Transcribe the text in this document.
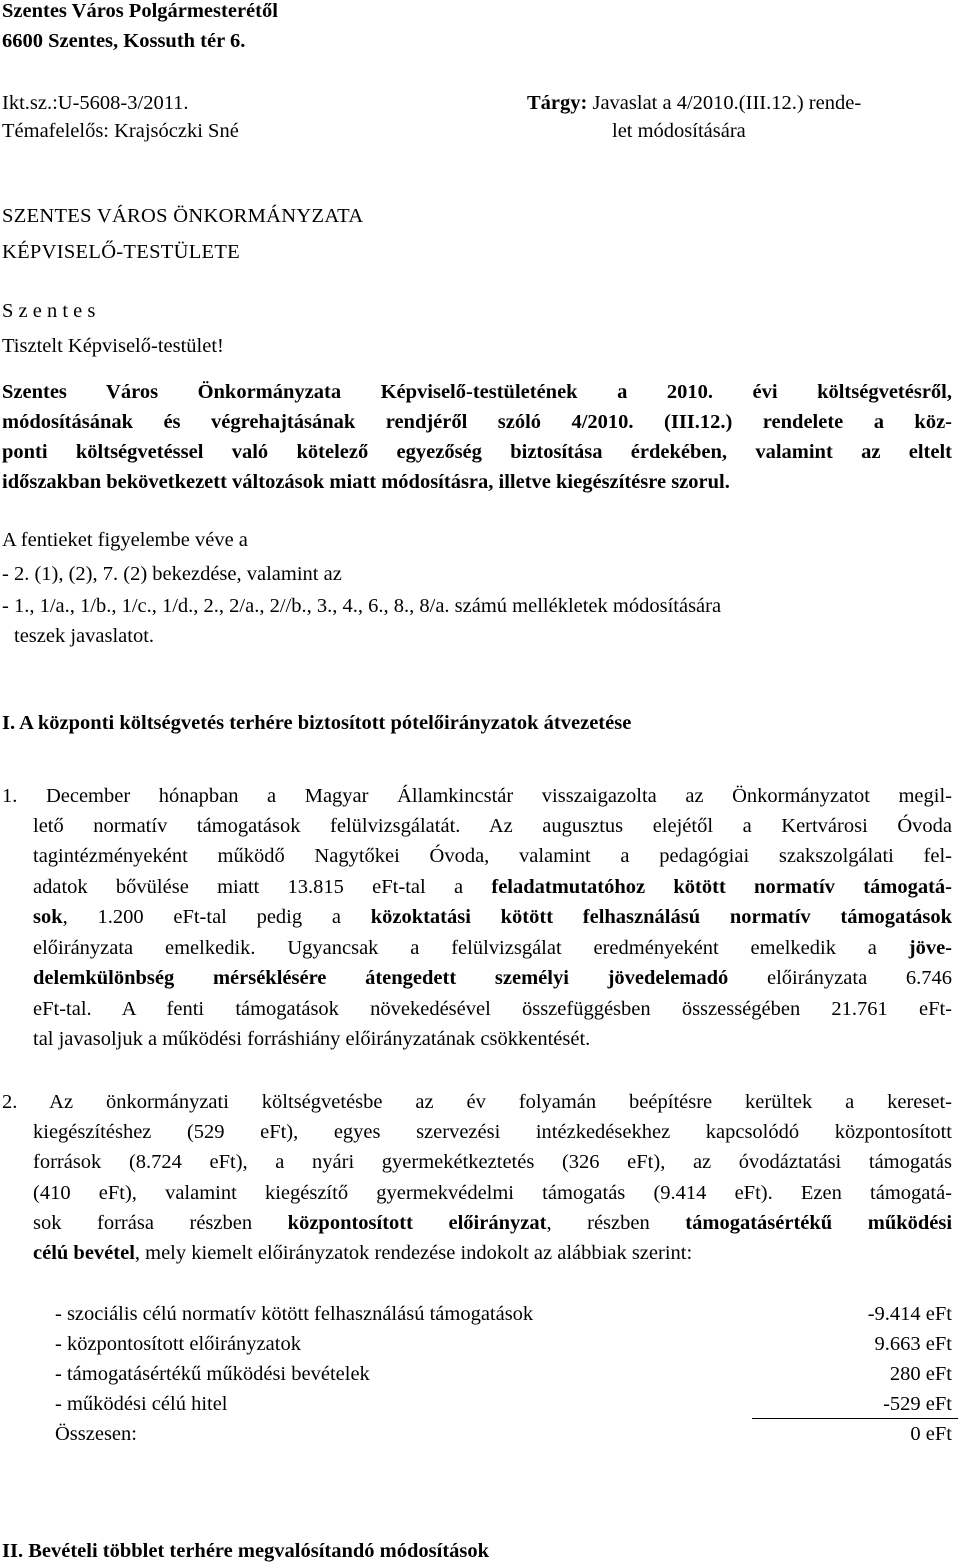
Szentes Város Polgármesterétől
6600 Szentes, Kossuth tér 6.
Ikt.sz.:U-5608-3/2011.
Témafelelős: Krajsóczki Sné
Tárgy: Javaslat a 4/2010.(III.12.) rende-
let módosítására
SZENTES VÁROS ÖNKORMÁNYZATA
KÉPVISELŐ-TESTÜLETE
S z e n t e s
Tisztelt Képviselő-testület!
Szentes Város Önkormányzata Képviselő-testületének a 2010. évi költségvetésről,
módosításának és végrehajtásának rendjéről szóló 4/2010. (III.12.) rendelete a köz-
ponti költségvetéssel való kötelező egyezőség biztosítása érdekében, valamint az eltelt
időszakban bekövetkezett változások miatt módosításra, illetve kiegészítésre szorul.
A fentieket figyelembe véve a
- 2. (1), (2), 7. (2) bekezdése, valamint az
- 1., 1/a., 1/b., 1/c., 1/d., 2., 2/a., 2//b., 3., 4., 6., 8., 8/a. számú mellékletek módosítására
teszek javaslatot.
I. A központi költségvetés terhére biztosított pótelőirányzatok átvezetése
1. December hónapban a Magyar Államkincstár visszaigazolta az Önkormányzatot megil-
lető normatív támogatások felülvizsgálatát. Az augusztus elejétől a Kertvárosi Óvoda
tagintézményeként működő Nagytőkei Óvoda, valamint a pedagógiai szakszolgálati fel-
adatok bővülése miatt 13.815 eFt-tal a feladatmutatóhoz kötött normatív támogatá-
sok, 1.200 eFt-tal pedig a közoktatási kötött felhasználású normatív támogatások
előirányzata emelkedik. Ugyancsak a felülvizsgálat eredményeként emelkedik a jöve-
delemkülönbség mérséklésére átengedett személyi jövedelemadó előirányzata 6.746
eFt-tal. A fenti támogatások növekedésével összefüggésben összességében 21.761 eFt-
tal javasoljuk a működési forráshiány előirányzatának csökkentését.
2. Az önkormányzati költségvetésbe az év folyamán beépítésre kerültek a kereset-
kiegészítéshez (529 eFt), egyes szervezési intézkedésekhez kapcsolódó központosított
források (8.724 eFt), a nyári gyermekétkeztetés (326 eFt), az óvodáztatási támogatás
(410 eFt), valamint kiegészítő gyermekvédelmi támogatás (9.414 eFt). Ezen támogatá-
sok forrása részben központosított előirányzat, részben támogatásértékű működési
célú bevétel, mely kiemelt előirányzatok rendezése indokolt az alábbiak szerint:
- szociális célú normatív kötött felhasználású támogatások	-9.414 eFt
- központosított előirányzatok	9.663 eFt
- támogatásértékű működési bevételek	280 eFt
- működési célú hitel	-529 eFt
Összesen:	0 eFt
II. Bevételi többlet terhére megvalósítandó módosítások
